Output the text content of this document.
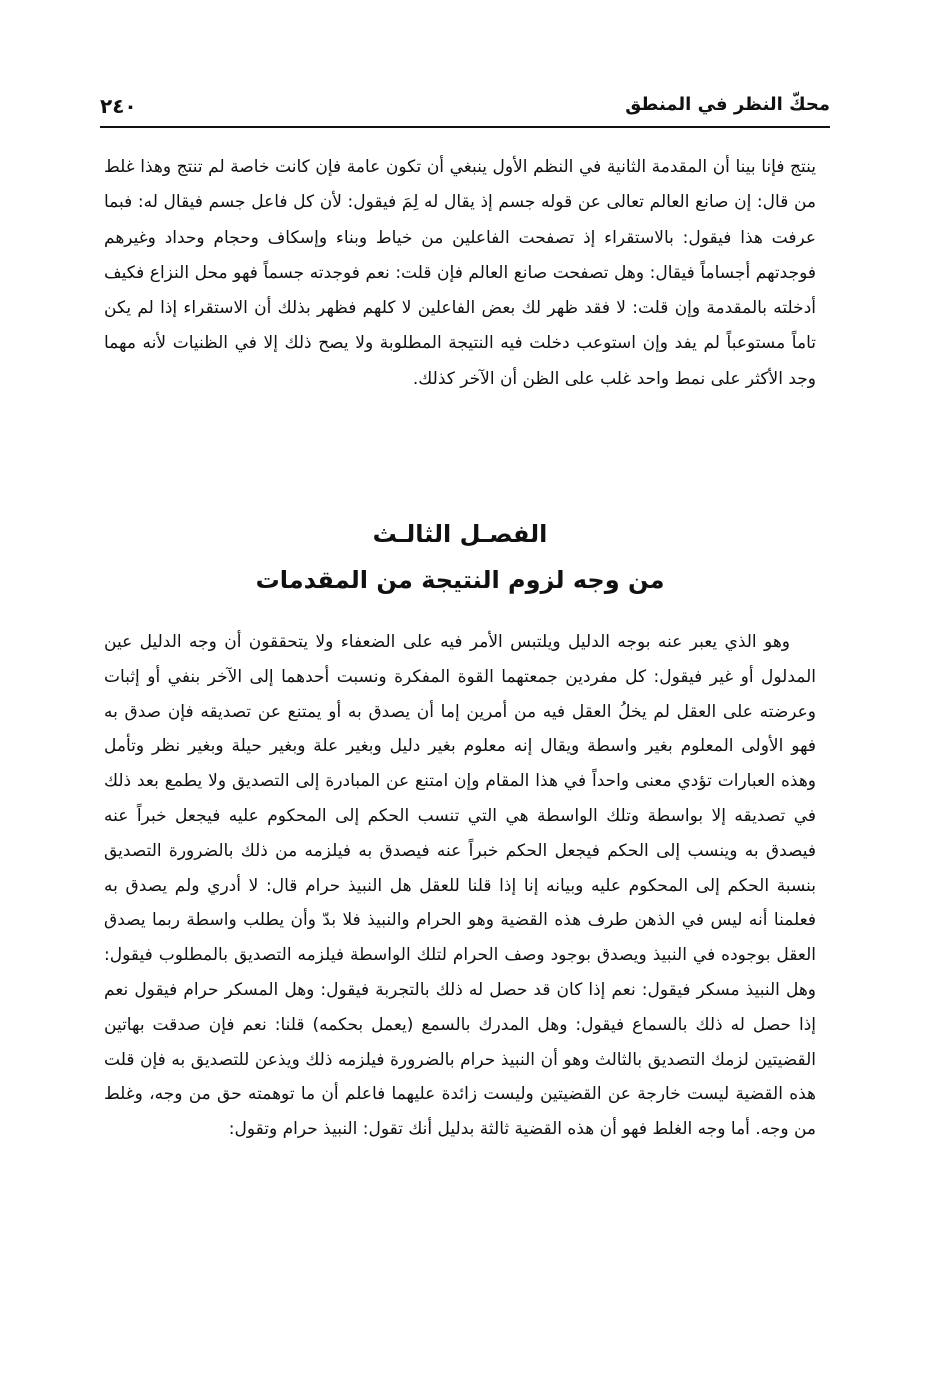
٢٤٠	محكّ النظر في المنطق

ينتج فإنا بينا أن المقدمة الثانية في النظم الأول ينبغي أن تكون عامة فإن كانت خاصة لم تنتج وهذا غلط من قال: إن صانع العالم تعالى عن قوله جسم إذ يقال له لِمَ فيقول: لأن كل فاعل جسم فيقال له: فبما عرفت هذا فيقول: بالاستقراء إذ تصفحت الفاعلين من خياط وبناء وإسكاف وحجام وحداد وغيرهم فوجدتهم أجساماً فيقال: وهل تصفحت صانع العالم فإن قلت: نعم فوجدته جسماً فهو محل النزاع فكيف أدخلته بالمقدمة وإن قلت: لا فقد ظهر لك بعض الفاعلين لا كلهم فظهر بذلك أن الاستقراء إذا لم يكن تاماً مستوعباً لم يفد وإن استوعب دخلت فيه النتيجة المطلوبة ولا يصح ذلك إلا في الظنيات لأنه مهما وجد الأكثر على نمط واحد غلب على الظن أن الآخر كذلك.

الفصـل الثالـث
من وجه لزوم النتيجة من المقدمات

وهو الذي يعبر عنه بوجه الدليل ويلتبس الأمر فيه على الضعفاء ولا يتحققون أن وجه الدليل عين المدلول أو غير فيقول: كل مفردين جمعتهما القوة المفكرة ونسبت أحدهما إلى الآخر بنفي أو إثبات وعرضته على العقل لم يخلُ العقل فيه من أمرين إما أن يصدق به أو يمتنع عن تصديقه فإن صدق به فهو الأولى المعلوم بغير واسطة ويقال إنه معلوم بغير دليل وبغير علة وبغير حيلة وبغير نظر وتأمل وهذه العبارات تؤدي معنى واحداً في هذا المقام وإن امتنع عن المبادرة إلى التصديق ولا يطمع بعد ذلك في تصديقه إلا بواسطة وتلك الواسطة هي التي تنسب الحكم إلى المحكوم عليه فيجعل خبراً عنه فيصدق به وينسب إلى الحكم فيجعل الحكم خبراً عنه فيصدق به فيلزمه من ذلك بالضرورة التصديق بنسبة الحكم إلى المحكوم عليه وبيانه إنا إذا قلنا للعقل هل النبيذ حرام قال: لا أدري ولم يصدق به فعلمنا أنه ليس في الذهن طرف هذه القضية وهو الحرام والنبيذ فلا بدّ وأن يطلب واسطة ربما يصدق العقل بوجوده في النبيذ ويصدق بوجود وصف الحرام لتلك الواسطة فيلزمه التصديق بالمطلوب فيقول: وهل النبيذ مسكر فيقول: نعم إذا كان قد حصل له ذلك بالتجربة فيقول: وهل المسكر حرام فيقول نعم إذا حصل له ذلك بالسماع فيقول: وهل المدرك بالسمع (يعمل بحكمه) قلنا: نعم فإن صدقت بهاتين القضيتين لزمك التصديق بالثالث وهو أن النبيذ حرام بالضرورة فيلزمه ذلك ويذعن للتصديق به فإن قلت هذه القضية ليست خارجة عن القضيتين وليست زائدة عليهما فاعلم أن ما توهمته حق من وجه، وغلط من وجه. أما وجه الغلط فهو أن هذه القضية ثالثة بدليل أنك تقول: النبيذ حرام وتقول:
